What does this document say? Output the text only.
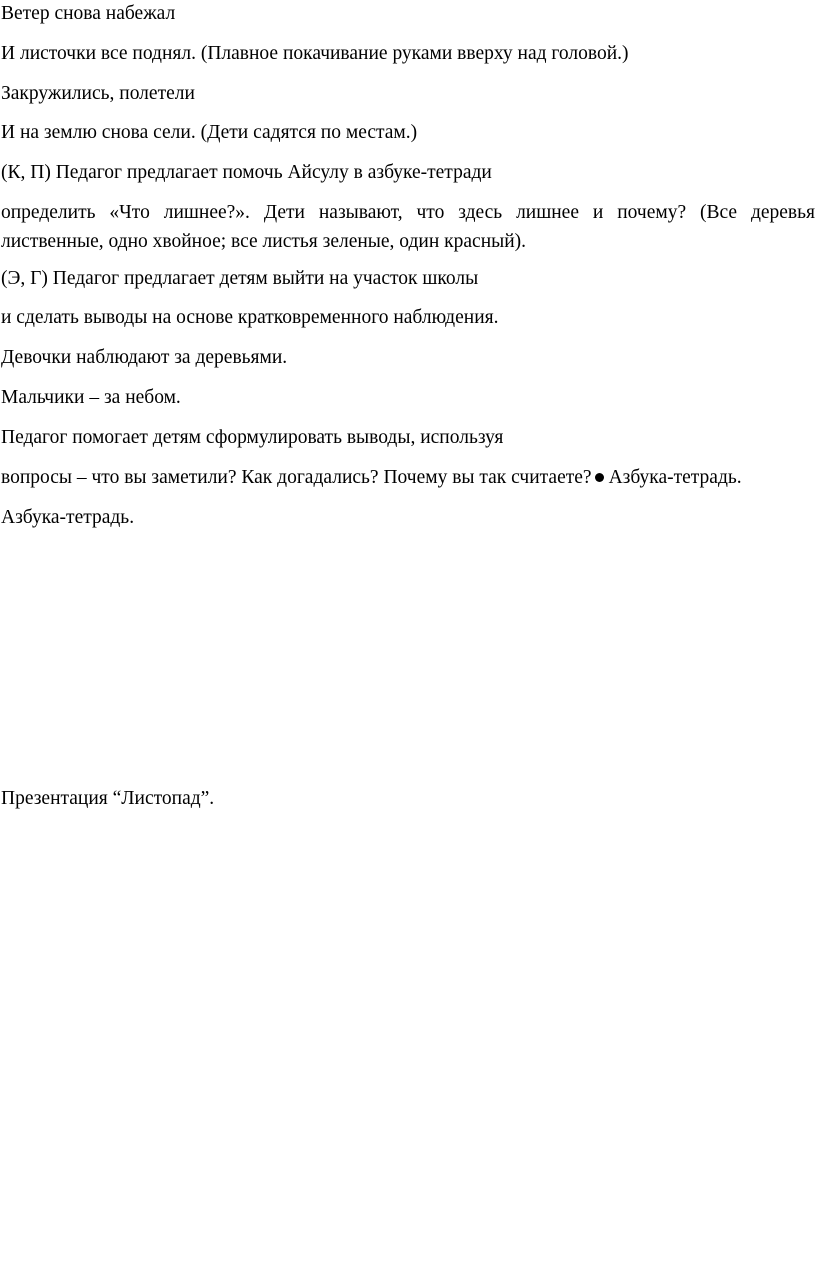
Ветер снова набежал
И листочки все поднял. (Плавное покачивание руками вверху над головой.)
Закружились, полетели
И на землю снова сели. (Дети садятся по местам.)
(К, П) Педагог предлагает помочь Айсулу в азбуке-тетради
определить «Что лишнее?». Дети называют, что здесь лишнее и почему? (Все деревья лиственные, одно хвойное; все листья зеленые, один красный).
(Э, Г) Педагог предлагает детям выйти на участок школы
и сделать выводы на основе кратковременного наблюдения.
Девочки наблюдают за деревьями.
Мальчики – за небом.
Педагог помогает детям сформулировать выводы, используя
вопросы – что вы заметили? Как догадались? Почему вы так считаете? Азбука-тетрадь.
Азбука-тетрадь.
Презентация “Листопад”.
